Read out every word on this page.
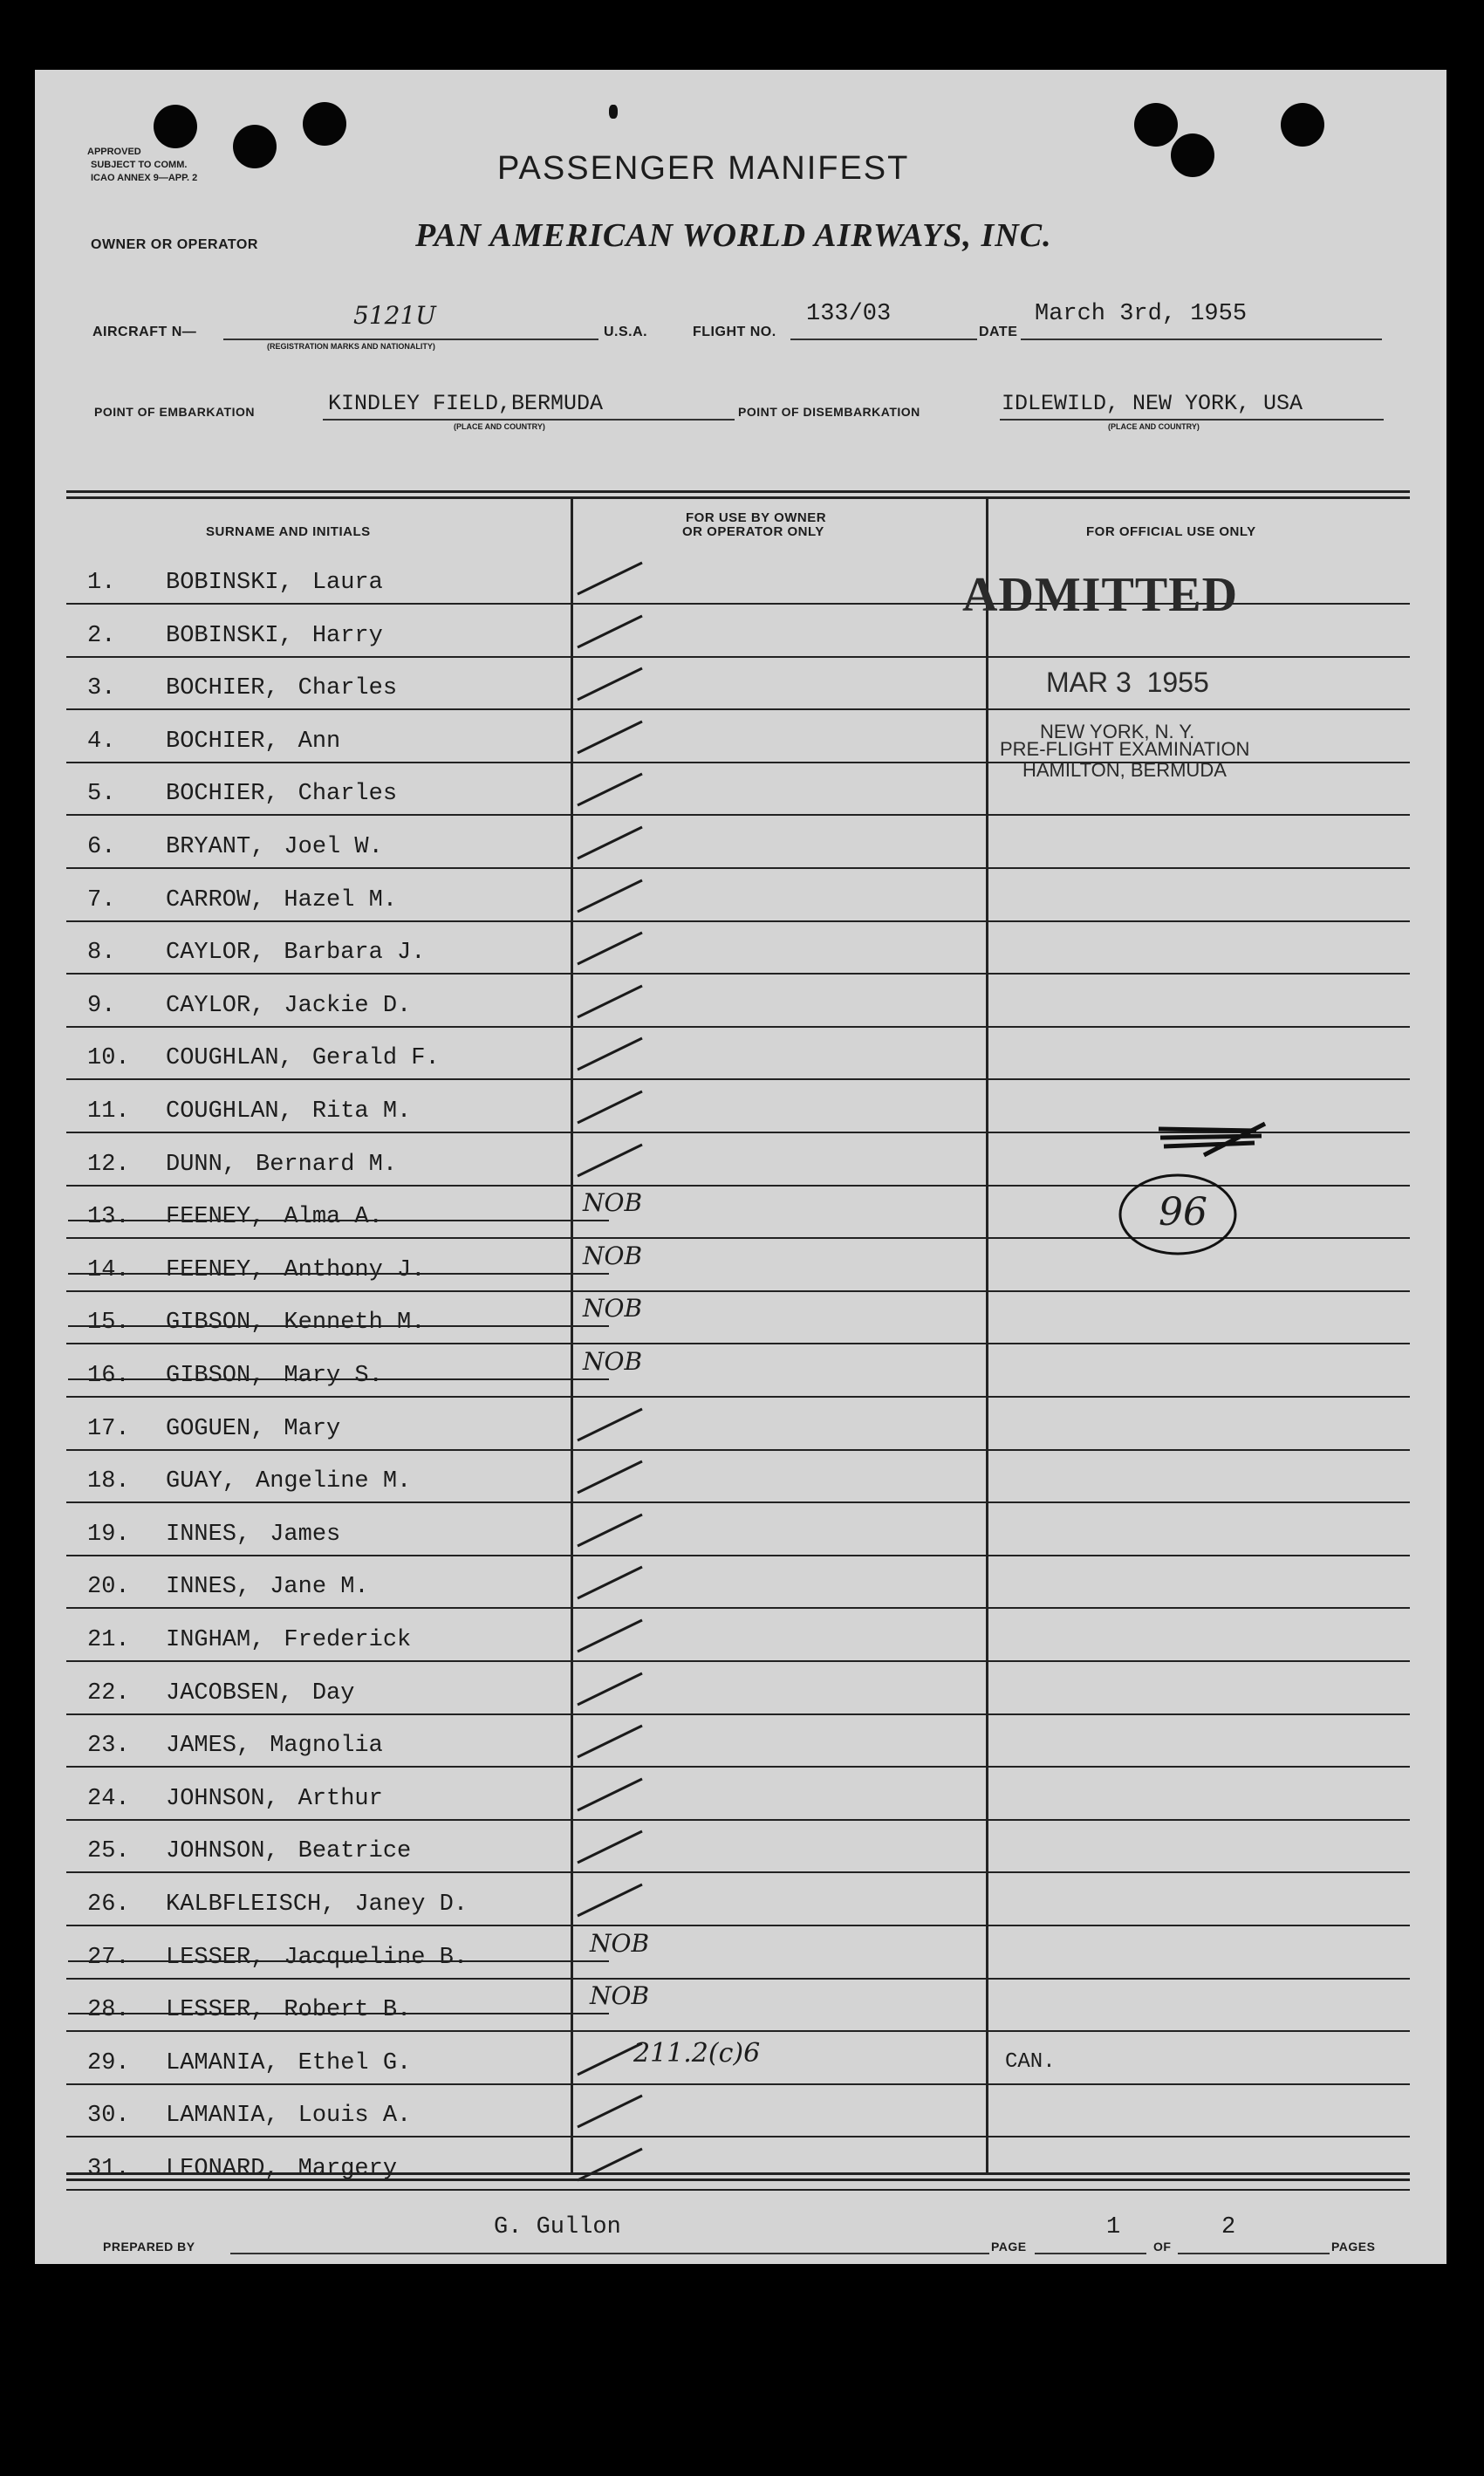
APPROVED
SUBJECT TO COMM.
ICAO ANNEX 9—APP. 2
OWNER OR OPERATOR
PASSENGER MANIFEST
PAN AMERICAN WORLD AIRWAYS, INC.
AIRCRAFT N—
5121U
(REGISTRATION MARKS AND NATIONALITY)
U.S.A.	FLIGHT NO.
133/03
DATE
March 3rd, 1955
POINT OF EMBARKATION	KINDLEY FIELD,BERMUDA
(PLACE AND COUNTRY)
POINT OF DISEMBARKATION	IDLEWILD, NEW YORK, USA
(PLACE AND COUNTRY)
SURNAME AND INITIALS
FOR USE BY OWNER
OR OPERATOR ONLY	FOR OFFICIAL USE ONLY
1. BOBINSKI, Laura
2. BOBINSKI, Harry
3. BOCHIER, Charles
4. BOCHIER, Ann
5. BOCHIER, Charles
6. BRYANT, Joel W.
7. CARROW, Hazel M.
8. CAYLOR, Barbara J.
9. CAYLOR, Jackie D.
10. COUGHLAN, Gerald F.
11. COUGHLAN, Rita M.
12. DUNN, Bernard M.
13. FEENEY, Alma A.	NOB
14. FEENEY, Anthony J.	NOB
15. GIBSON, Kenneth M.	NOB
16. GIBSON, Mary S.	NOB
17. GOGUEN, Mary
18. GUAY, Angeline M.
19. INNES, James
20. INNES, Jane M.
21. INGHAM, Frederick
22. JACOBSEN, Day
23. JAMES, Magnolia
24. JOHNSON, Arthur
25. JOHNSON, Beatrice
26. KALBFLEISCH, Janey D.
27. LESSER, Jacqueline B.	NOB
28. LESSER, Robert B.	NOB
29. LAMANIA, Ethel G.	211.2(c)6	CAN.
30. LAMANIA, Louis A.
31. LEONARD, Margery
ADMITTED
MAR 3  1955
NEW YORK, N. Y.
PRE-FLIGHT EXAMINATION
HAMILTON, BERMUDA
96
PREPARED BY
G. Gullon
PAGE
1
OF
2
PAGES
